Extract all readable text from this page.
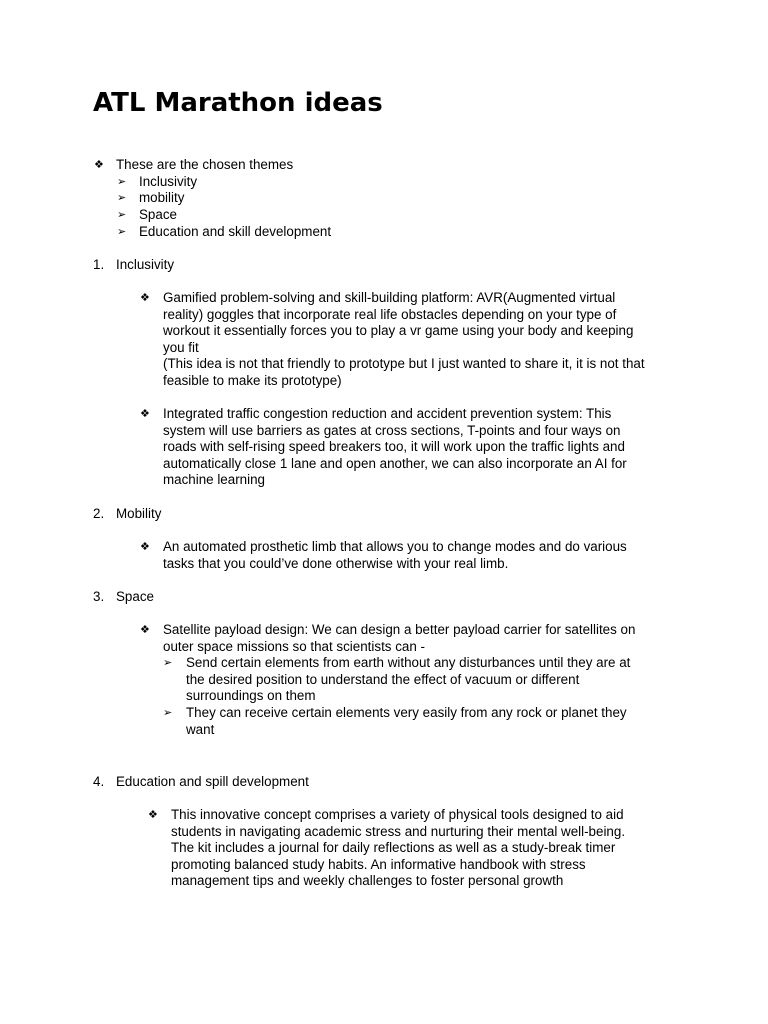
ATL Marathon ideas
❖ These are the chosen themes
➢ Inclusivity
➢ mobility
➢ Space
➢ Education and skill development
1. Inclusivity
❖ Gamified problem-solving and skill-building platform: AVR(Augmented virtual
reality) goggles that incorporate real life obstacles depending on your type of
workout it essentially forces you to play a vr game using your body and keeping
you fit
(This idea is not that friendly to prototype but I just wanted to share it, it is not that
feasible to make its prototype)
❖ Integrated traffic congestion reduction and accident prevention system: This
system will use barriers as gates at cross sections, T-points and four ways on
roads with self-rising speed breakers too, it will work upon the traffic lights and
automatically close 1 lane and open another, we can also incorporate an AI for
machine learning
2. Mobility
❖ An automated prosthetic limb that allows you to change modes and do various
tasks that you could’ve done otherwise with your real limb.
3. Space
❖ Satellite payload design: We can design a better payload carrier for satellites on
outer space missions so that scientists can -
➢ Send certain elements from earth without any disturbances until they are at
the desired position to understand the effect of vacuum or different
surroundings on them
➢ They can receive certain elements very easily from any rock or planet they
want
4. Education and spill development
❖ This innovative concept comprises a variety of physical tools designed to aid
students in navigating academic stress and nurturing their mental well-being.
The kit includes a journal for daily reflections as well as a study-break timer
promoting balanced study habits. An informative handbook with stress
management tips and weekly challenges to foster personal growth
